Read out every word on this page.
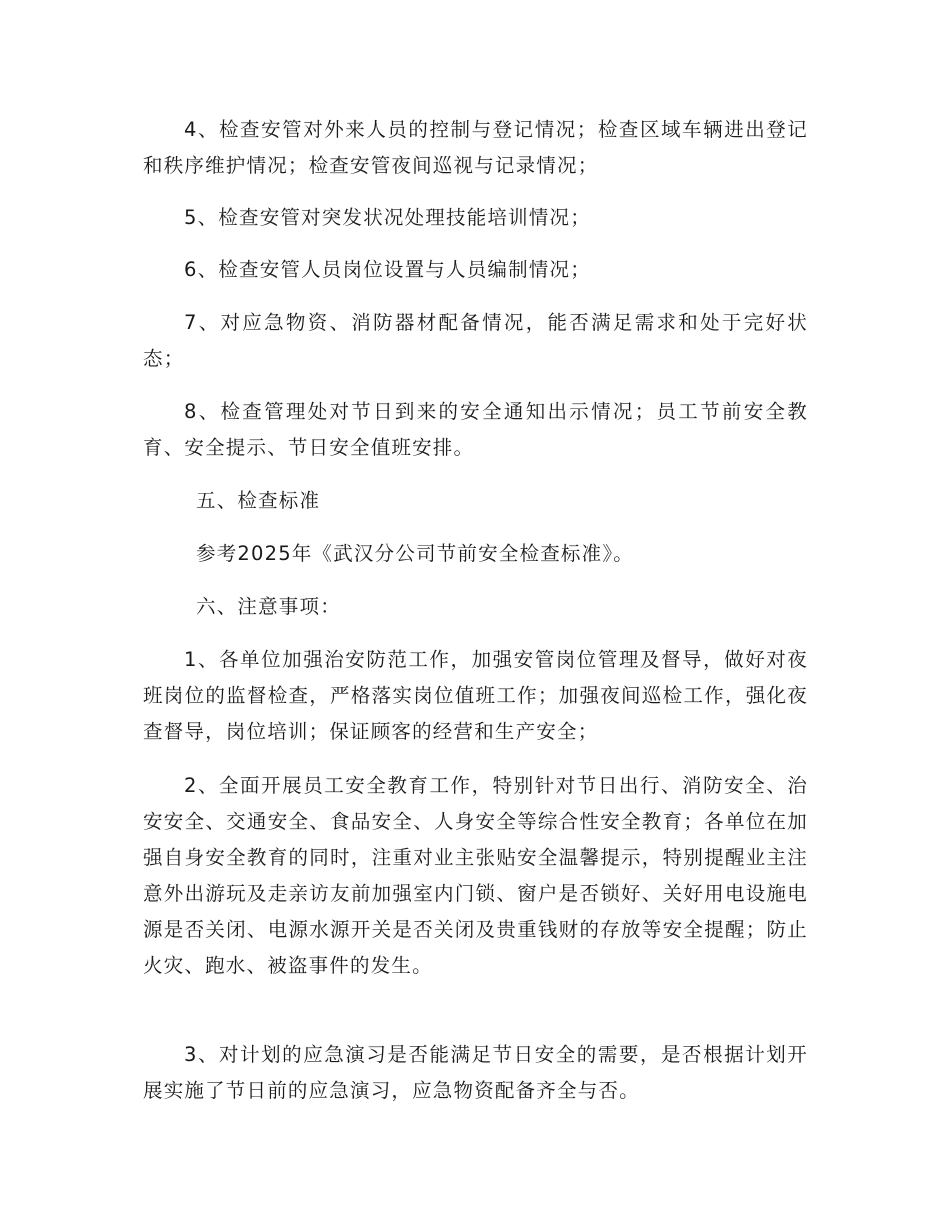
4、检查安管对外来人员的控制与登记情况；检查区域车辆进出登记和秩序维护情况；检查安管夜间巡视与记录情况；

5、检查安管对突发状况处理技能培训情况；

6、检查安管人员岗位设置与人员编制情况；

7、对应急物资、消防器材配备情况，能否满足需求和处于完好状态；

8、检查管理处对节日到来的安全通知出示情况；员工节前安全教育、安全提示、节日安全值班安排。

五、检查标准

参考2025年《武汉分公司节前安全检查标准》。

六、注意事项：

1、各单位加强治安防范工作，加强安管岗位管理及督导，做好对夜班岗位的监督检查，严格落实岗位值班工作；加强夜间巡检工作，强化夜查督导，岗位培训；保证顾客的经营和生产安全；

2、全面开展员工安全教育工作，特别针对节日出行、消防安全、治安安全、交通安全、食品安全、人身安全等综合性安全教育；各单位在加强自身安全教育的同时，注重对业主张贴安全温馨提示，特别提醒业主注意外出游玩及走亲访友前加强室内门锁、窗户是否锁好、关好用电设施电源是否关闭、电源水源开关是否关闭及贵重钱财的存放等安全提醒；防止火灾、跑水、被盗事件的发生。

3、对计划的应急演习是否能满足节日安全的需要，是否根据计划开展实施了节日前的应急演习，应急物资配备齐全与否。
